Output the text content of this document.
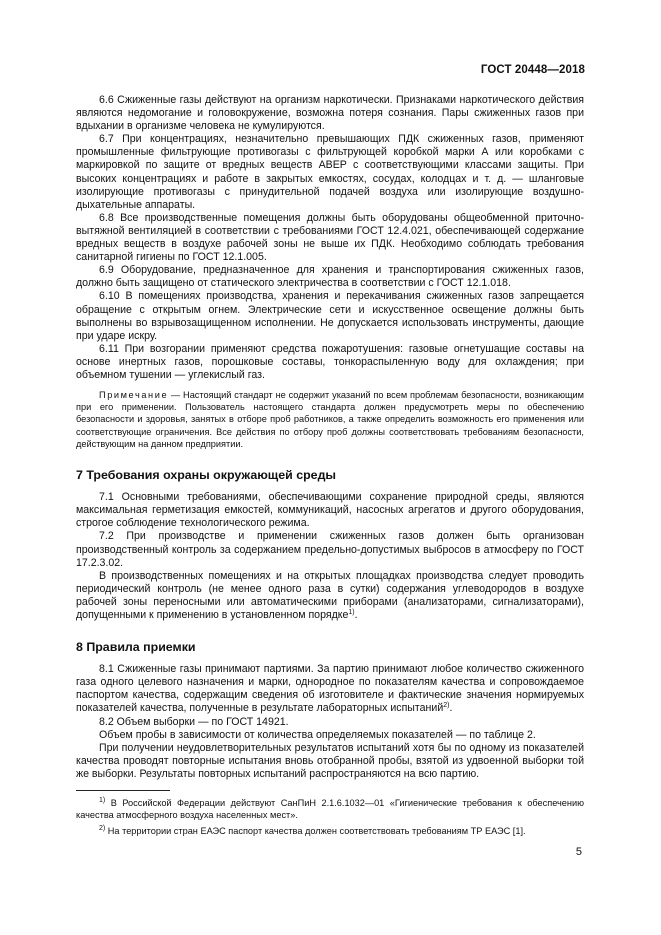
ГОСТ 20448—2018

6.6 Сжиженные газы действуют на организм наркотически. Признаками наркотического действия являются недомогание и головокружение, возможна потеря сознания. Пары сжиженных газов при вдыхании в организме человека не кумулируются.

6.7 При концентрациях, незначительно превышающих ПДК сжиженных газов, применяют промышленные фильтрующие противогазы с фильтрующей коробкой марки А или коробками с маркировкой по защите от вредных веществ АВЕР с соответствующими классами защиты. При высоких концентрациях и работе в закрытых емкостях, сосудах, колодцах и т. д. — шланговые изолирующие противогазы с принудительной подачей воздуха или изолирующие воздушно-дыхательные аппараты.

6.8 Все производственные помещения должны быть оборудованы общеобменной приточно-вытяжной вентиляцией в соответствии с требованиями ГОСТ 12.4.021, обеспечивающей содержание вредных веществ в воздухе рабочей зоны не выше их ПДК. Необходимо соблюдать требования санитарной гигиены по ГОСТ 12.1.005.

6.9 Оборудование, предназначенное для хранения и транспортирования сжиженных газов, должно быть защищено от статического электричества в соответствии с ГОСТ 12.1.018.

6.10 В помещениях производства, хранения и перекачивания сжиженных газов запрещается обращение с открытым огнем. Электрические сети и искусственное освещение должны быть выполнены во взрывозащищенном исполнении. Не допускается использовать инструменты, дающие при ударе искру.

6.11 При возгорании применяют средства пожаротушения: газовые огнетушащие составы на основе инертных газов, порошковые составы, тонкораспыленную воду для охлаждения; при объемном тушении — углекислый газ.

Примечание — Настоящий стандарт не содержит указаний по всем проблемам безопасности, возникающим при его применении. Пользователь настоящего стандарта должен предусмотреть меры по обеспечению безопасности и здоровья, занятых в отборе проб работников, а также определить возможность его применения или соответствующие ограничения. Все действия по отбору проб должны соответствовать требованиям безопасности, действующим на данном предприятии.

7 Требования охраны окружающей среды

7.1 Основными требованиями, обеспечивающими сохранение природной среды, являются максимальная герметизация емкостей, коммуникаций, насосных агрегатов и другого оборудования, строгое соблюдение технологического режима.

7.2 При производстве и применении сжиженных газов должен быть организован производственный контроль за содержанием предельно-допустимых выбросов в атмосферу по ГОСТ 17.2.3.02.

В производственных помещениях и на открытых площадках производства следует проводить периодический контроль (не менее одного раза в сутки) содержания углеводородов в воздухе рабочей зоны переносными или автоматическими приборами (анализаторами, сигнализаторами), допущенными к применению в установленном порядке$^{1)}$.

8 Правила приемки

8.1 Сжиженные газы принимают партиями. За партию принимают любое количество сжиженного газа одного целевого назначения и марки, однородное по показателям качества и сопровождаемое паспортом качества, содержащим сведения об изготовителе и фактические значения нормируемых показателей качества, полученные в результате лабораторных испытаний$^{2)}$.

8.2 Объем выборки — по ГОСТ 14921.

Объем пробы в зависимости от количества определяемых показателей — по таблице 2.

При получении неудовлетворительных результатов испытаний хотя бы по одному из показателей качества проводят повторные испытания вновь отобранной пробы, взятой из удвоенной выборки той же выборки. Результаты повторных испытаний распространяются на всю партию.

$^{1)}$ В Российской Федерации действуют СанПиН 2.1.6.1032—01 «Гигиенические требования к обеспечению качества атмосферного воздуха населенных мест».

$^{2)}$ На территории стран ЕАЭС паспорт качества должен соответствовать требованиям ТР ЕАЭС [1].

5
